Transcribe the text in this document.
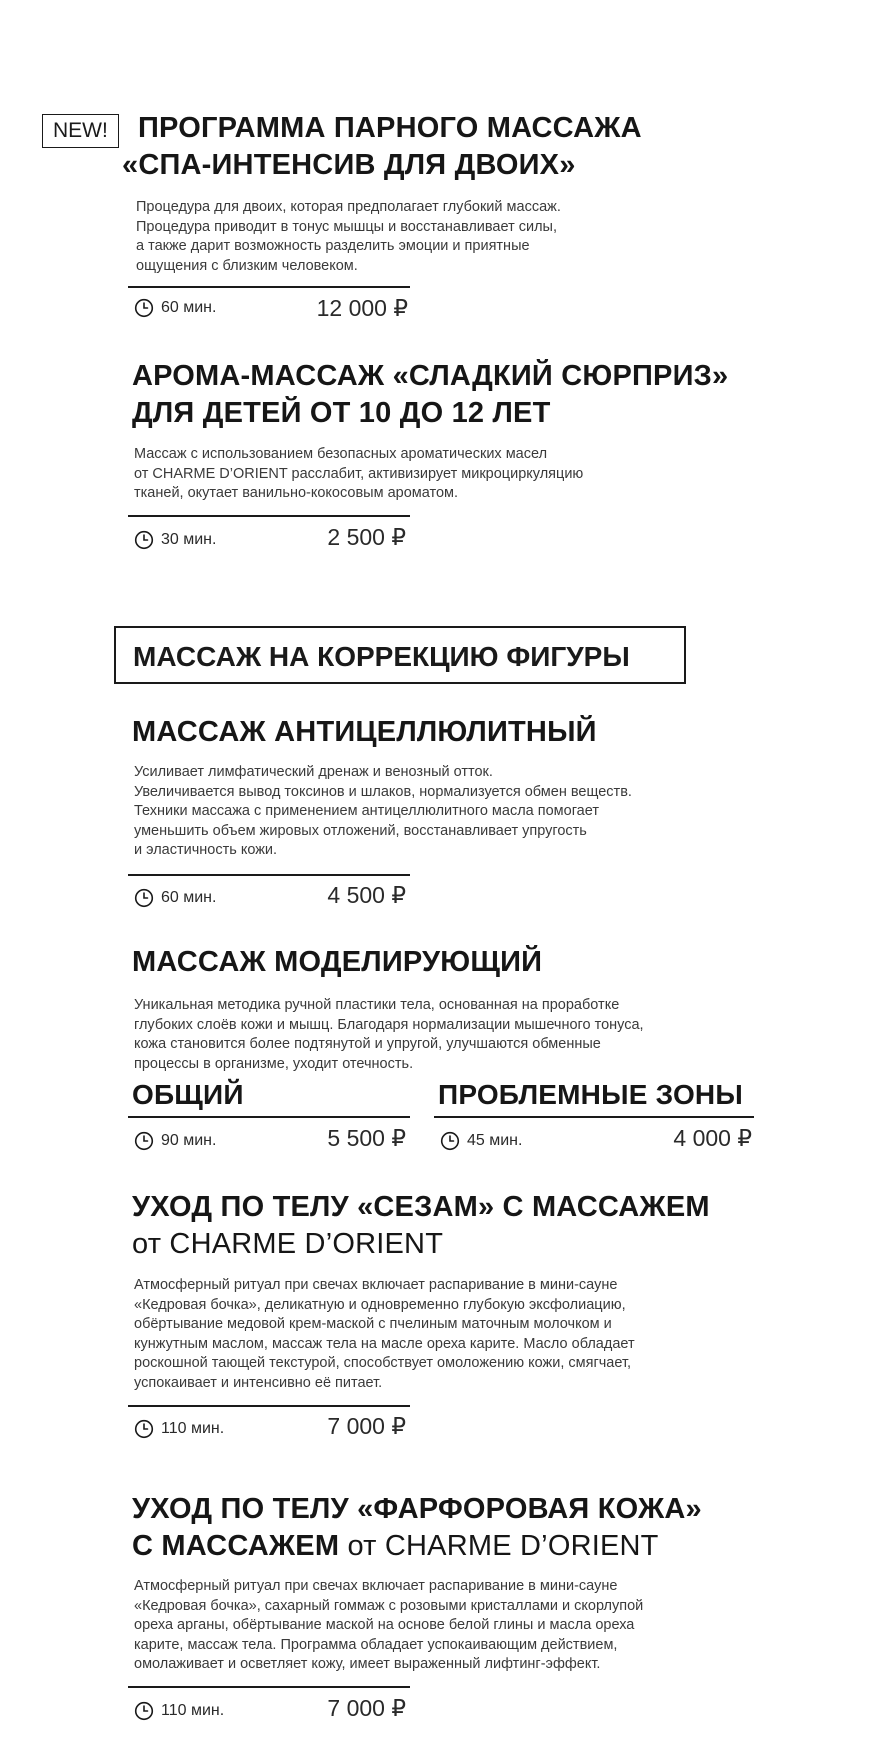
NEW!	ПРОГРАММА ПАРНОГО МАССАЖА
«СПА-ИНТЕНСИВ ДЛЯ ДВОИХ»
Процедура для двоих, которая предполагает глубокий массаж.
Процедура приводит в тонус мышцы и восстанавливает силы,
а также дарит возможность разделить эмоции и приятные
ощущения с близким человеком.
60 мин.	12 000 ₽
АРОМА-МАССАЖ «СЛАДКИЙ СЮРПРИЗ»
ДЛЯ ДЕТЕЙ ОТ 10 ДО 12 ЛЕТ
Массаж с использованием безопасных ароматических масел
от CHARME D’ORIENT расслабит, активизирует микроциркуляцию
тканей, окутает ванильно-кокосовым ароматом.
30 мин.	2 500 ₽
МАССАЖ НА КОРРЕКЦИЮ ФИГУРЫ
МАССАЖ АНТИЦЕЛЛЮЛИТНЫЙ
Усиливает лимфатический дренаж и венозный отток.
Увеличивается вывод токсинов и шлаков, нормализуется обмен веществ.
Техники массажа с применением антицеллюлитного масла помогает
уменьшить объем жировых отложений, восстанавливает упругость
и эластичность кожи.
60 мин.	4 500 ₽
МАССАЖ МОДЕЛИРУЮЩИЙ
Уникальная методика ручной пластики тела, основанная на проработке
глубоких слоёв кожи и мышц. Благодаря нормализации мышечного тонуса,
кожа становится более подтянутой и упругой, улучшаются обменные
процессы в организме, уходит отечность.
ОБЩИЙ
90 мин.	5 500 ₽
ПРОБЛЕМНЫЕ ЗОНЫ
45 мин.	4 000 ₽
УХОД ПО ТЕЛУ «СЕЗАМ» С МАССАЖЕМ
от CHARME D’ORIENT
Атмосферный ритуал при свечах включает распаривание в мини-сауне
«Кедровая бочка», деликатную и одновременно глубокую эксфолиацию,
обёртывание медовой крем-маской с пчелиным маточным молочком и
кунжутным маслом, массаж тела на масле ореха карите. Масло обладает
роскошной тающей текстурой, способствует омоложению кожи, смягчает,
успокаивает и интенсивно её питает.
110 мин.	7 000 ₽
УХОД ПО ТЕЛУ «ФАРФОРОВАЯ КОЖА»
С МАССАЖЕМ от CHARME D’ORIENT
Атмосферный ритуал при свечах включает распаривание в мини-сауне
«Кедровая бочка», сахарный гоммаж с розовыми кристаллами и скорлупой
ореха арганы, обёртывание маской на основе белой глины и масла ореха
карите, массаж тела. Программа обладает успокаивающим действием,
омолаживает и осветляет кожу, имеет выраженный лифтинг-эффект.
110 мин.	7 000 ₽
